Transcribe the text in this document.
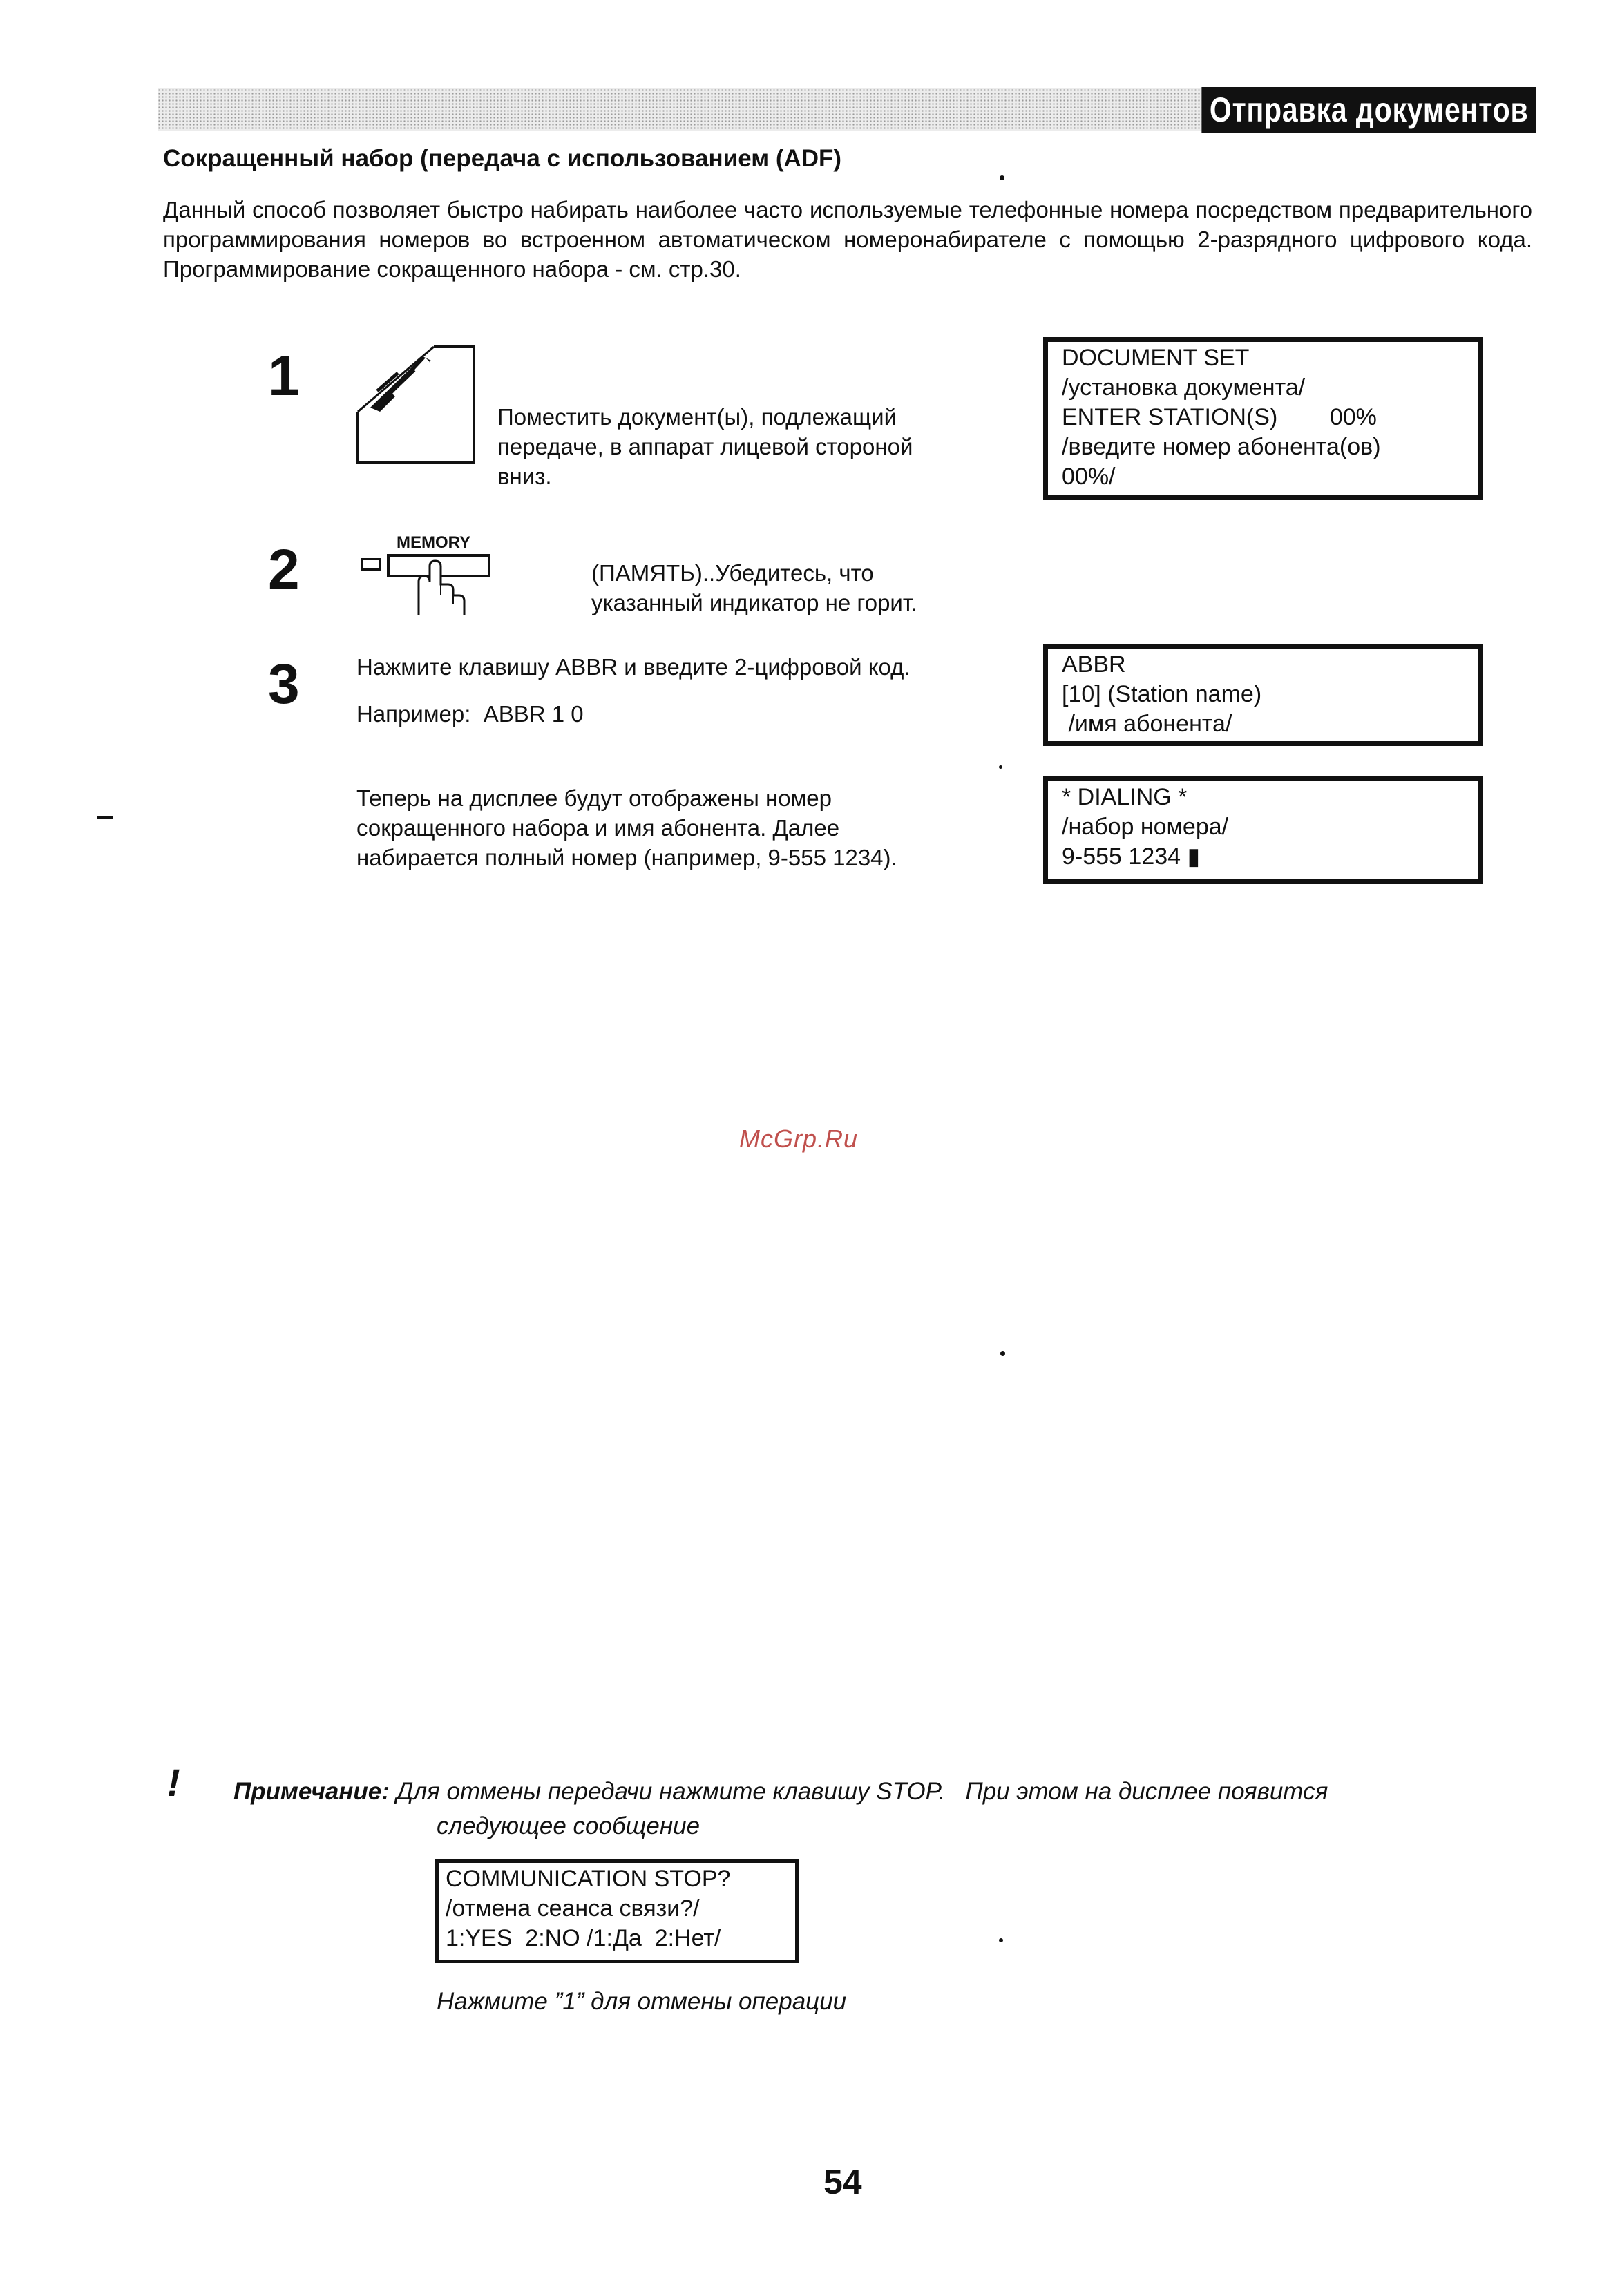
Отправка документов
Сокращенный набор (передача с использованием (ADF)
Данный способ позволяет быстро набирать наиболее часто используемые телефонные номера посредством предварительного программирования номеров во встроенном автоматическом номеронабирателе с помощью 2-разрядного цифрового кода. Программирование сокращенного набора - см. стр.30.
1
Поместить документ(ы), подлежащий
передаче, в аппарат лицевой стороной
вниз.
DOCUMENT SET
/установка документа/
ENTER STATION(S)        00%
/введите номер абонента(ов)
00%/
2	MEMORY
(ПАМЯТЬ)..Убедитесь, что
указанный индикатор не горит.
3 Нажмите клавишу ABBR и введите 2-цифровой код.
Например: ABBR 1 0
ABBR
[10] (Station name)
/имя абонента/
Теперь на дисплее будут отображены номер
сокращенного набора и имя абонента. Далее
набирается полный номер (например, 9-555 1234).
* DIALING *
/набор номера/
9-555 1234 ▮
McGrp.Ru
! Примечание: Для отмены передачи нажмите клавишу STOP.   При этом на дисплее появится
следующее сообщение
COMMUNICATION STOP?
/отмена сеанса связи?/
1:YES  2:NO /1:Да  2:Нет/
Нажмите ”1” для отмены операции
54
